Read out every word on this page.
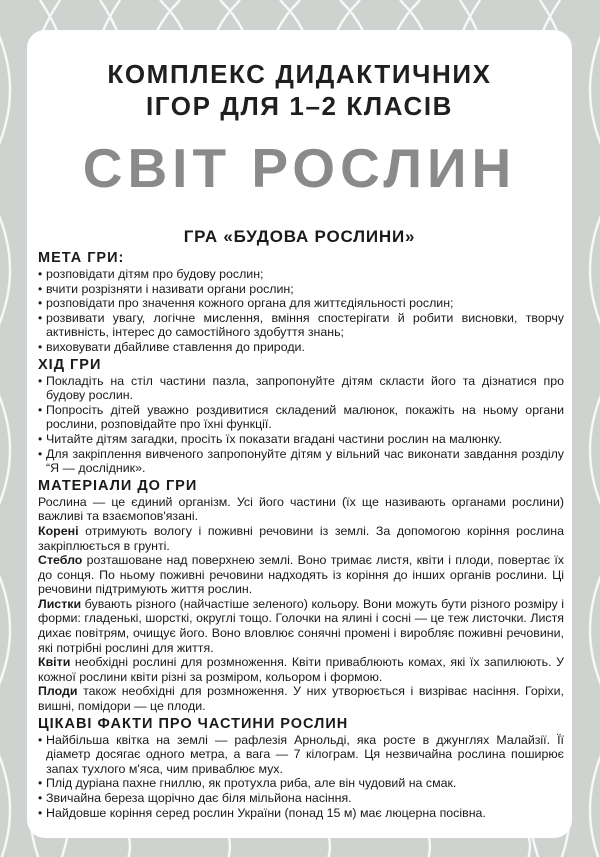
КОМПЛЕКС ДИДАКТИЧНИХ
ІГОР ДЛЯ 1–2 КЛАСІВ
СВІТ РОСЛИН
ГРА «БУДОВА РОСЛИНИ»
МЕТА ГРИ:
• розповідати дітям про будову рослин;
• вчити розрізняти і називати органи рослин;
• розповідати про значення кожного органа для життєдіяльності рослин;
• розвивати увагу, логічне мислення, вміння спостерігати й робити висновки, творчу активність, інтерес до самостійного здобуття знань;
• виховувати дбайливе ставлення до природи.
ХІД ГРИ
• Покладіть на стіл частини пазла, запропонуйте дітям скласти його та дізнатися про будову рослин.
• Попросіть дітей уважно роздивитися складений малюнок, покажіть на ньому органи рослини, розповідайте про їхні функції.
• Читайте дітям загадки, просіть їх показати вгадані частини рослин на малюнку.
• Для закріплення вивченого запропонуйте дітям у вільний час виконати завдання розділу “Я — дослідник».
МАТЕРІАЛИ ДО ГРИ

Рослина — це єдиний організм. Усі його частини (їх ще називають органами рослини) важливі та взаємопов'язані.

Корені отримують вологу і поживні речовини із землі. За допомогою коріння рослина закріплюється в грунті.

Стебло розташоване над поверхнею землі. Воно тримає листя, квіти і плоди, повертає їх до сонця. По ньому поживні речовини надходять із коріння до інших органів рослини. Ці речовини підтримують життя рослин.

Листки бувають різного (найчастіше зеленого) кольору. Вони можуть бути різного розміру і форми: гладенькі, шорсткі, округлі тощо. Голочки на ялині і сосні — це теж листочки. Листя дихає повітрям, очищує його. Воно вловлює сонячні промені і виробляє поживні речовини, які потрібні рослині для життя.

Квіти необхідні рослині для розмноження. Квіти приваблюють комах, які їх запилюють. У кожної рослини квіти різні за розміром, кольором і формою.

Плоди також необхідні для розмноження. У них утворюється і визріває насіння. Горіхи, вишні, помідори — це плоди.

ЦІКАВІ ФАКТИ ПРО ЧАСТИНИ РОСЛИН
• Найбільша квітка на землі — рафлезія Арнольді, яка росте в джунглях Малайзії. Її діаметр досягає одного метра, а вага — 7 кілограм. Ця незвичайна рослина поширює запах тухлого м'яса, чим приваблює мух.
• Плід дуріана пахне гниллю, як протухла риба, але він чудовий на смак.
• Звичайна береза щорічно дає біля мільйона насіння.
• Найдовше коріння серед рослин України (понад 15 м) має люцерна посівна.
